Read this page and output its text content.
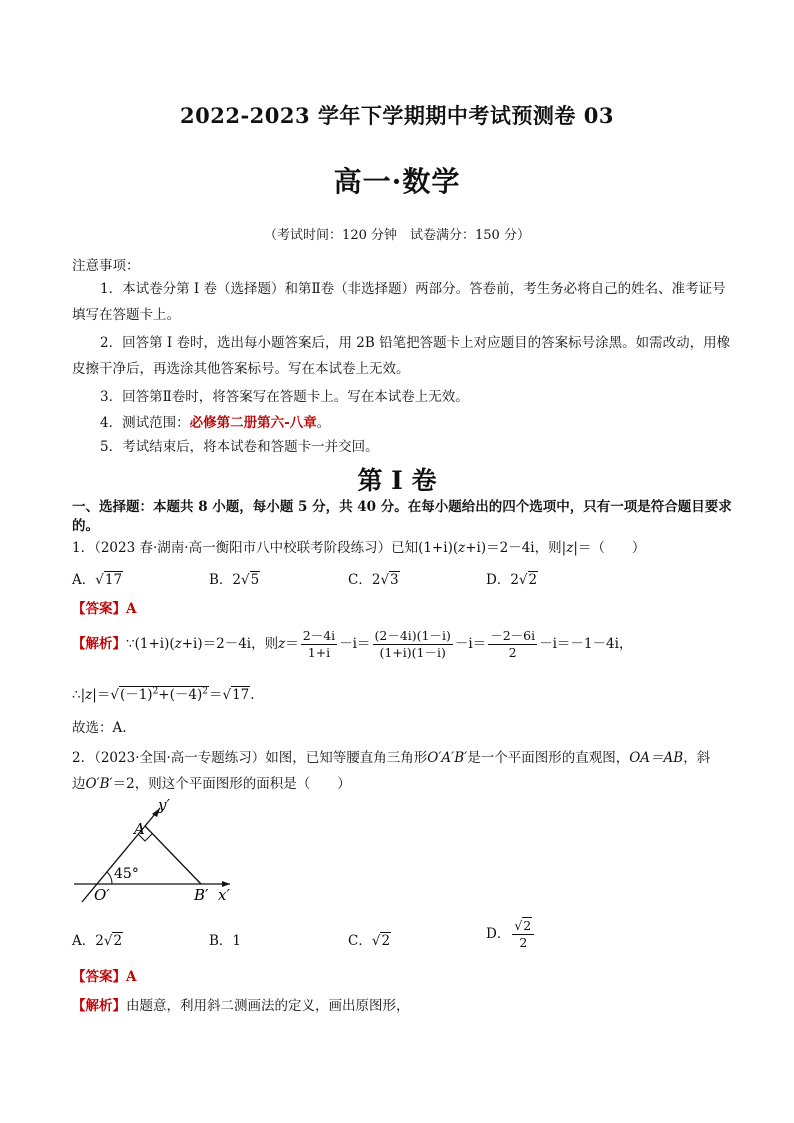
2022-2023 学年下学期期中考试预测卷 03
高一·数学
（考试时间：120 分钟　试卷满分：150 分）
注意事项：
1．本试卷分第 I 卷（选择题）和第Ⅱ卷（非选择题）两部分。答卷前，考生务必将自己的姓名、准考证号填写在答题卡上。
2．回答第 I 卷时，选出每小题答案后，用 2B 铅笔把答题卡上对应题目的答案标号涂黑。如需改动，用橡皮擦干净后，再选涂其他答案标号。写在本试卷上无效。
3．回答第Ⅱ卷时，将答案写在答题卡上。写在本试卷上无效。
4．测试范围：必修第二册第六-八章。
5．考试结束后，将本试卷和答题卡一并交回。
第 I 卷
一、选择题：本题共 8 小题，每小题 5 分，共 40 分。在每小题给出的四个选项中，只有一项是符合题目要求的。
1．（2023 春·湖南·高一衡阳市八中校联考阶段练习）已知(1+i)(z+i)＝2－4i，则|z|＝（　　）
A．√17	B．2√5	C．2√3	D．2√2
【答案】A
【解析】∵(1+i)(z+i)＝2－4i，则$z= \frac{2-4i}{1+i} -i= \frac{(2-4i)(1-i)}{(1+i)(1-i)} -i= \frac{-2-6i}{2} -i=-1-4i$，
$\therefore|z|=√(-1)^2+(-4)^2=√17$.
故选：A.
2．（2023·全国·高一专题练习）如图，已知等腰直角三角形O′A′B′是一个平面图形的直观图，OA＝AB，斜
边O′B′＝2，则这个平面图形的面积是（　　）
y′
A′
45°
O′	B′ x′
A．2√2	B．1	C．√2	D． $\frac{√2}{2}$
【答案】A
【解析】由题意，利用斜二测画法的定义，画出原图形，
